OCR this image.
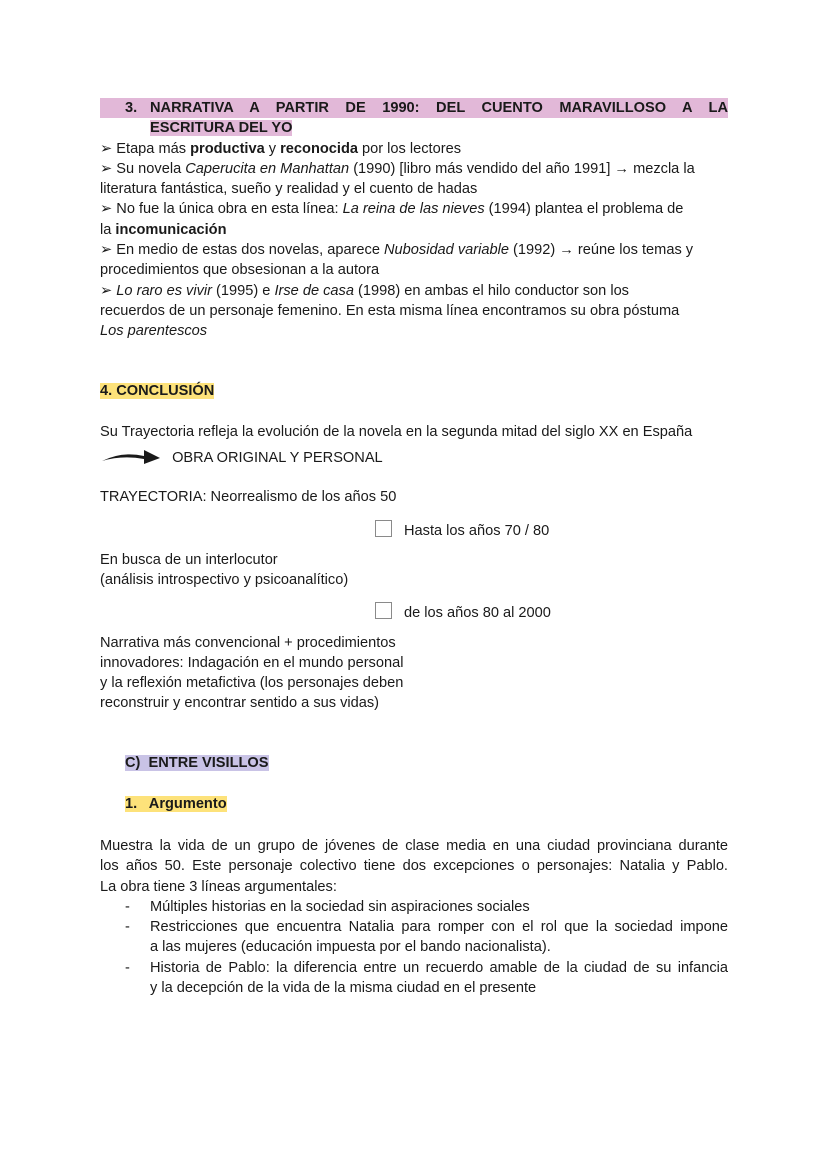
3. NARRATIVA A PARTIR DE 1990: DEL CUENTO MARAVILLOSO A LA
ESCRITURA DEL YO
➢ Etapa más productiva y reconocida por los lectores
➢ Su novela Caperucita en Manhattan (1990) [libro más vendido del año 1991] → mezcla la
literatura fantástica, sueño y realidad y el cuento de hadas
➢ No fue la única obra en esta línea: La reina de las nieves (1994) plantea el problema de
la incomunicación
➢ En medio de estas dos novelas, aparece Nubosidad variable (1992) → reúne los temas y
procedimientos que obsesionan a la autora
➢ Lo raro es vivir (1995) e Irse de casa (1998) en ambas el hilo conductor son los
recuerdos de un personaje femenino. En esta misma línea encontramos su obra póstuma
Los parentescos
4. CONCLUSIÓN
Su Trayectoria refleja la evolución de la novela en la segunda mitad del siglo XX en España
OBRA ORIGINAL Y PERSONAL
TRAYECTORIA: Neorrealismo de los años 50
Hasta los años 70 / 80
En busca de un interlocutor
(análisis introspectivo y psicoanalítico)
de los años 80 al 2000
Narrativa más convencional + procedimientos
innovadores: Indagación en el mundo personal
y la reflexión metafictiva (los personajes deben
reconstruir y encontrar sentido a sus vidas)
C)  ENTRE VISILLOS
1.   Argumento
Muestra la vida de un grupo de jóvenes de clase media en una ciudad provinciana durante
los años 50. Este personaje colectivo tiene dos excepciones o personajes: Natalia y Pablo.
La obra tiene 3 líneas argumentales:
-	Múltiples historias en la sociedad sin aspiraciones sociales
-	Restricciones que encuentra Natalia para romper con el rol que la sociedad impone
a las mujeres (educación impuesta por el bando nacionalista).
-	Historia de Pablo: la diferencia entre un recuerdo amable de la ciudad de su infancia
y la decepción de la vida de la misma ciudad en el presente
